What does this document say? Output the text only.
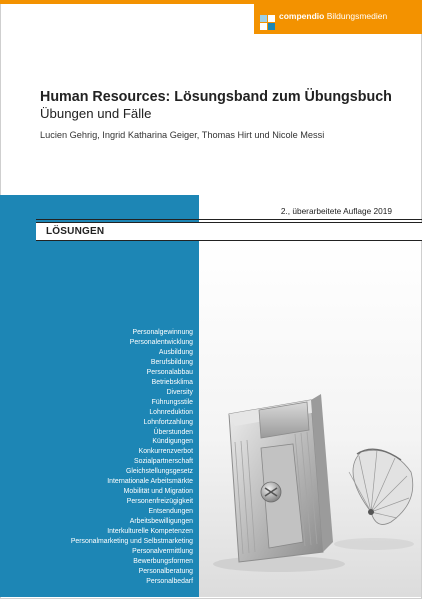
compendio Bildungsmedien
Human Resources: Lösungsband zum Übungsbuch
Übungen und Fälle
Lucien Gehrig, Ingrid Katharina Geiger, Thomas Hirt und Nicole Messi
2., überarbeitete Auflage 2019
LÖSUNGEN
Personalgewinnung
Personalentwicklung
Ausbildung
Berufsbildung
Personalabbau
Betriebsklima
Diversity
Führungsstile
Lohnreduktion
Lohnfortzahlung
Überstunden
Kündigungen
Konkurrenzverbot
Sozialpartnerschaft
Gleichstellungsgesetz
Internationale Arbeitsmärkte
Mobilität und Migration
Personenfreizügigkeit
Entsendungen
Arbeitsbewilligungen
Interkulturelle Kompetenzen
Personalmarketing und Selbstmarketing
Personalvermittlung
Bewerbungsformen
Personalberatung
Personalbedarf
